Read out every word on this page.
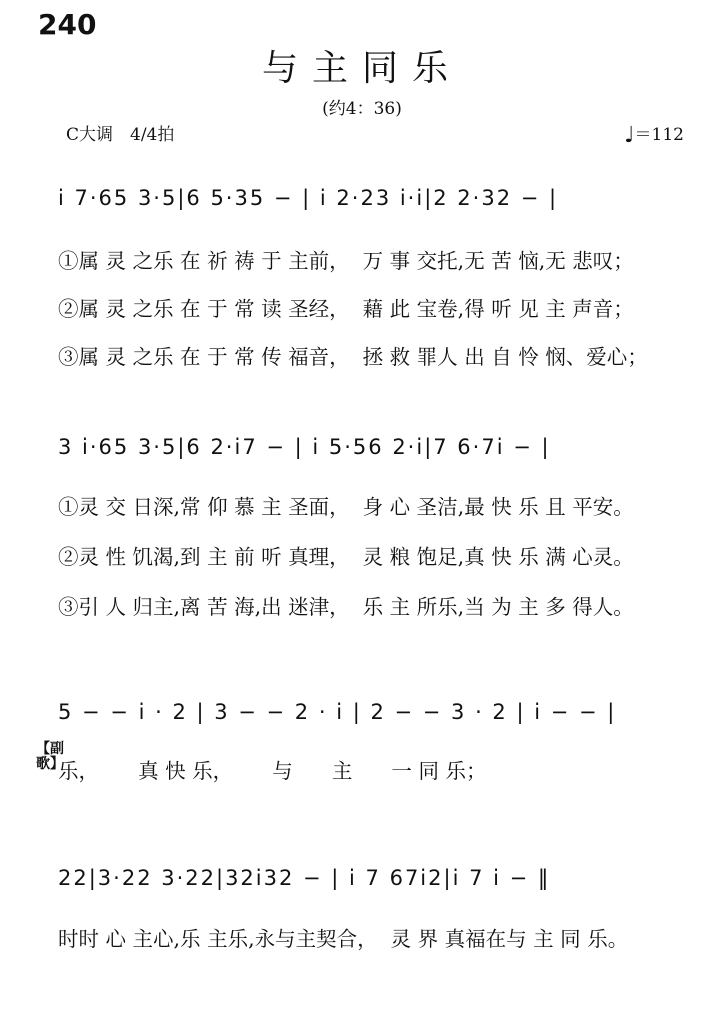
240
与主同乐
(约4：36)
C大调　4/4拍	♩＝112
i 7·65 3·5|6 5·35 − | i 2·23 i·i|2 2·32 − |
①属 灵 之乐 在 祈 祷 于 主前，  万 事 交托,无 苦 恼,无 悲叹；
②属 灵 之乐 在 于 常 读 圣经，  藉 此 宝卷,得 听 见 主 声音；
③属 灵 之乐 在 于 常 传 福音，  拯 救 罪人 出 自 怜 悯、爱心；
3 i·65 3·5|6 2·i7 − | i 5·56 2·i|7 6·7i − |
①灵 交 日深,常 仰 慕 主 圣面，  身 心 圣洁,最 快 乐 且 平安。
②灵 性 饥渴,到 主 前 听 真理，  灵 粮 饱足,真 快 乐 满 心灵。
③引 人 归主,离 苦 海,出 迷津，  乐 主 所乐,当 为 主 多 得人。
5 − − i · 2 | 3 − − 2 · i | 2 − − 3 · 2 | i − − |
【副歌】
乐，      真 快 乐，      与      主      一 同 乐；
22|3·22 3·22|32i32 − | i 7 67i2|i 7 i − ‖
时时 心 主心,乐 主乐,永与主契合，  灵 界 真福在与 主 同 乐。
